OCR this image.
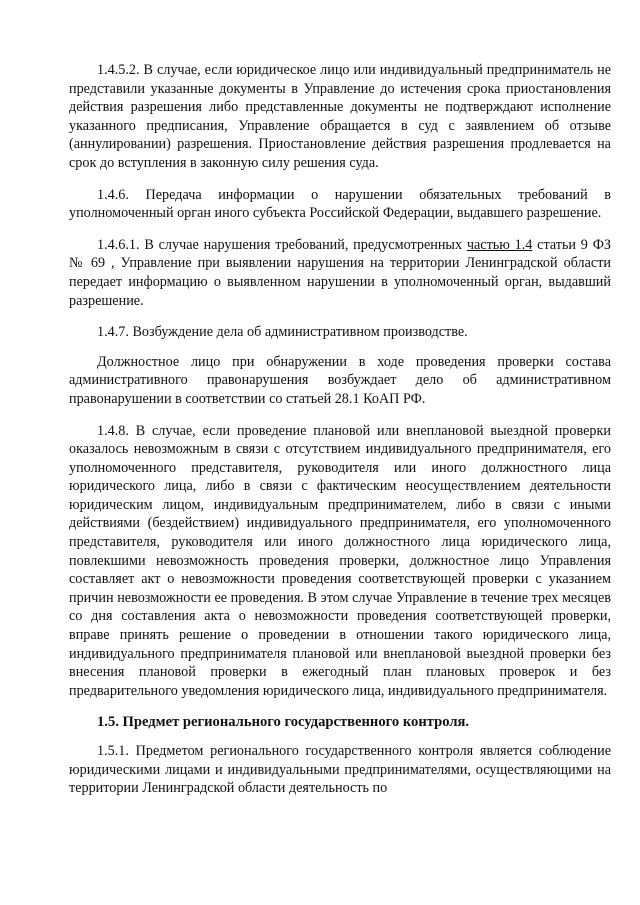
1.4.5.2. В случае, если юридическое лицо или индивидуальный предприниматель не представили указанные документы в Управление до истечения срока приостановления действия разрешения либо представленные документы не подтверждают исполнение указанного предписания, Управление обращается в суд с заявлением об отзыве (аннулировании) разрешения. Приостановление действия разрешения продлевается на срок до вступления в законную силу решения суда.

1.4.6. Передача информации о нарушении обязательных требований в уполномоченный орган иного субъекта Российской Федерации, выдавшего разрешение.

1.4.6.1. В случае нарушения требований, предусмотренных частью 1.4 статьи 9 ФЗ № 69 , Управление при выявлении нарушения на территории Ленинградской области передает информацию о выявленном нарушении в уполномоченный орган, выдавший разрешение.

1.4.7. Возбуждение дела об административном производстве.

Должностное лицо при обнаружении в ходе проведения проверки состава административного правонарушения возбуждает дело об административном правонарушении в соответствии со статьей 28.1 КоАП РФ.

1.4.8. В случае, если проведение плановой или внеплановой выездной проверки оказалось невозможным в связи с отсутствием индивидуального предпринимателя, его уполномоченного представителя, руководителя или иного должностного лица юридического лица, либо в связи с фактическим неосуществлением деятельности юридическим лицом, индивидуальным предпринимателем, либо в связи с иными действиями (бездействием) индивидуального предпринимателя, его уполномоченного представителя, руководителя или иного должностного лица юридического лица, повлекшими невозможность проведения проверки, должностное лицо Управления составляет акт о невозможности проведения соответствующей проверки с указанием причин невозможности ее проведения. В этом случае Управление в течение трех месяцев со дня составления акта о невозможности проведения соответствующей проверки, вправе принять решение о проведении в отношении такого юридического лица, индивидуального предпринимателя плановой или внеплановой выездной проверки без внесения плановой проверки в ежегодный план плановых проверок и без предварительного уведомления юридического лица, индивидуального предпринимателя.

1.5. Предмет регионального государственного контроля.

1.5.1. Предметом регионального государственного контроля является соблюдение юридическими лицами и индивидуальными предпринимателями, осуществляющими на территории Ленинградской области деятельность по
